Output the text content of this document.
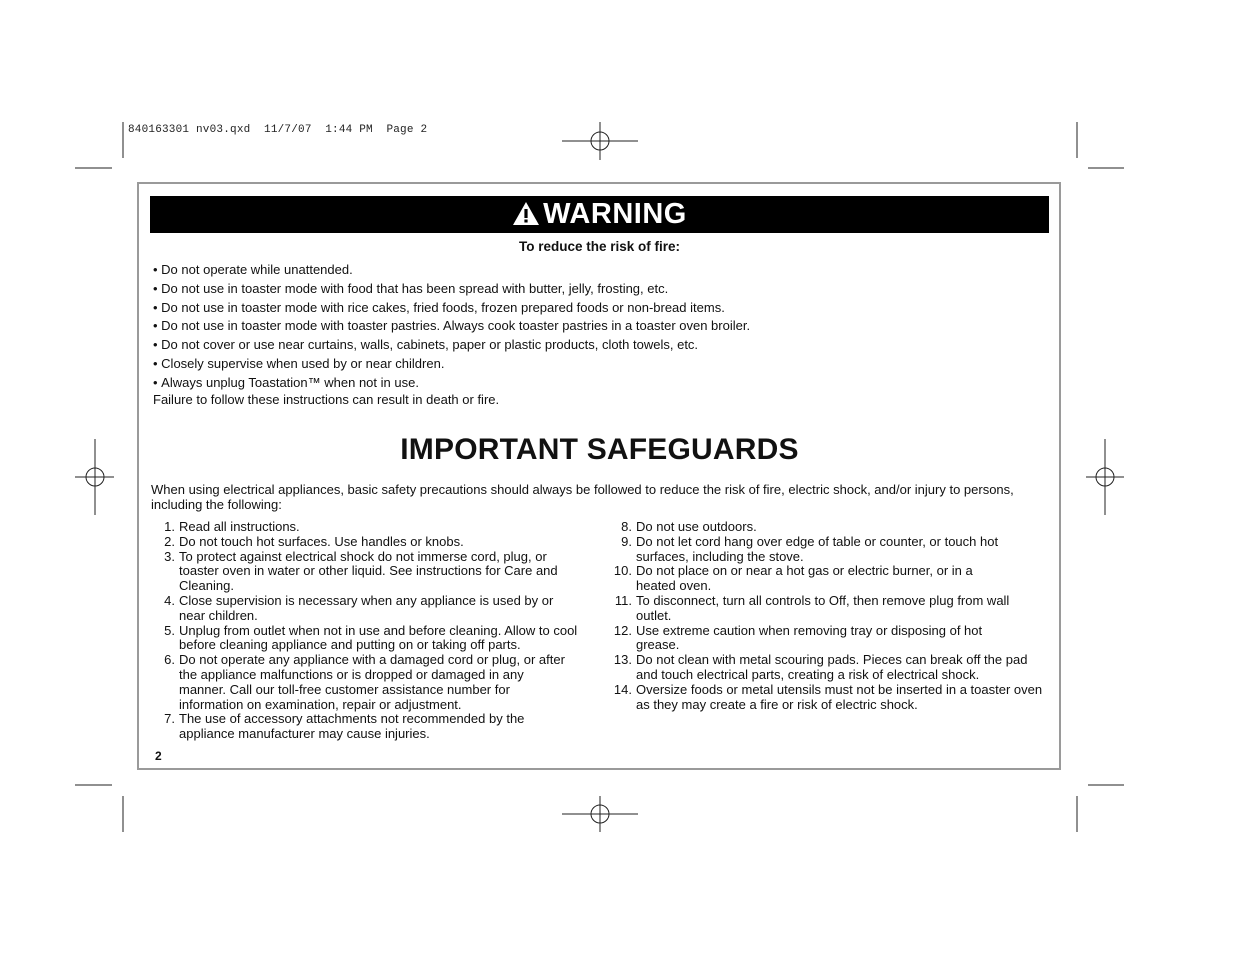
840163301 nv03.qxd  11/7/07  1:44 PM  Page 2
WARNING
To reduce the risk of fire:
• Do not operate while unattended.
• Do not use in toaster mode with food that has been spread with butter, jelly, frosting, etc.
• Do not use in toaster mode with rice cakes, fried foods, frozen prepared foods or non-bread items.
• Do not use in toaster mode with toaster pastries. Always cook toaster pastries in a toaster oven broiler.
• Do not cover or use near curtains, walls, cabinets, paper or plastic products, cloth towels, etc.
• Closely supervise when used by or near children.
• Always unplug Toastation™ when not in use.
Failure to follow these instructions can result in death or fire.
IMPORTANT SAFEGUARDS
When using electrical appliances, basic safety precautions should always be followed to reduce the risk of fire, electric shock, and/or injury to persons, including the following:
1. Read all instructions.
2. Do not touch hot surfaces. Use handles or knobs.
3. To protect against electrical shock do not immerse cord, plug, or toaster oven in water or other liquid. See instructions for Care and Cleaning.
4. Close supervision is necessary when any appliance is used by or near children.
5. Unplug from outlet when not in use and before cleaning. Allow to cool before cleaning appliance and putting on or taking off parts.
6. Do not operate any appliance with a damaged cord or plug, or after the appliance malfunctions or is dropped or damaged in any manner. Call our toll-free customer assistance number for information on examination, repair or adjustment.
7. The use of accessory attachments not recommended by the appliance manufacturer may cause injuries.
8. Do not use outdoors.
9. Do not let cord hang over edge of table or counter, or touch hot surfaces, including the stove.
10. Do not place on or near a hot gas or electric burner, or in a heated oven.
11. To disconnect, turn all controls to Off, then remove plug from wall outlet.
12. Use extreme caution when removing tray or disposing of hot grease.
13. Do not clean with metal scouring pads. Pieces can break off the pad and touch electrical parts, creating a risk of electrical shock.
14. Oversize foods or metal utensils must not be inserted in a toaster oven as they may create a fire or risk of electric shock.
2
